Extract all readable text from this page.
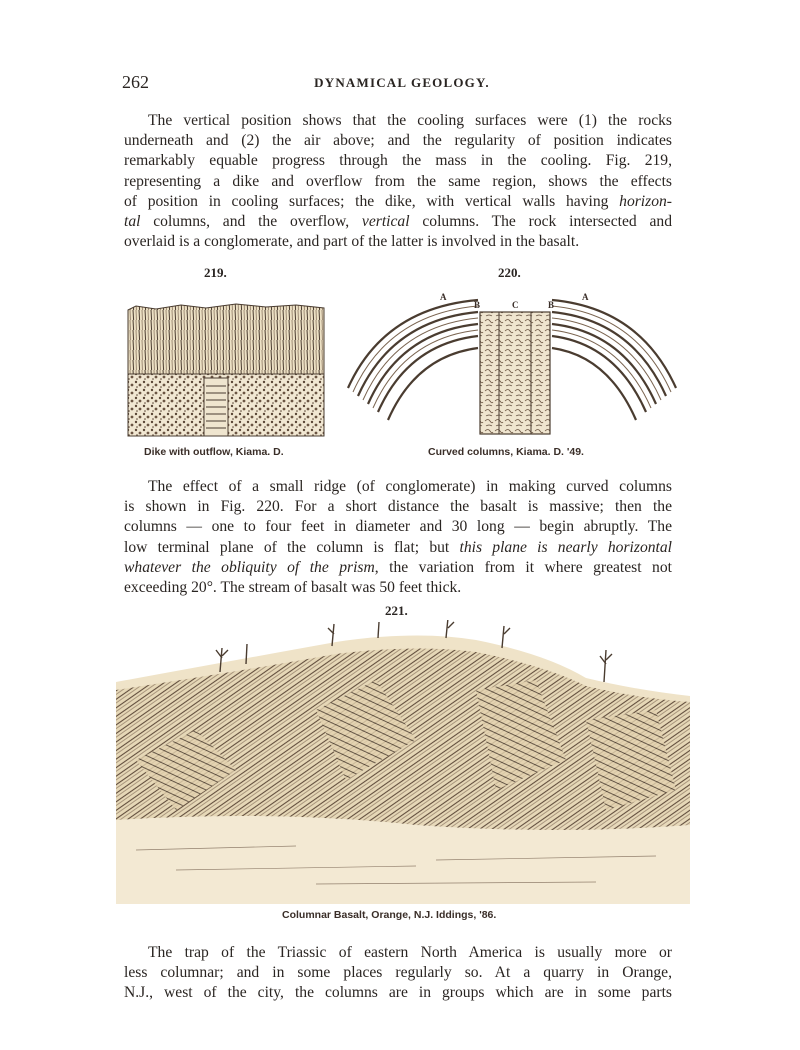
262	DYNAMICAL GEOLOGY.
The vertical position shows that the cooling surfaces were (1) the rocks
underneath and (2) the air above; and the regularity of position indicates
remarkably equable progress through the mass in the cooling. Fig. 219,
representing a dike and overflow from the same region, shows the effects
of position in cooling surfaces; the dike, with vertical walls having horizon-
tal columns, and the overflow, vertical columns. The rock intersected and
overlaid is a conglomerate, and part of the latter is involved in the basalt.
219.
Dike with outflow, Kiama. D.
220.
A
B	C	B
A
Curved columns, Kiama. D. '49.
The effect of a small ridge (of conglomerate) in making curved columns
is shown in Fig. 220. For a short distance the basalt is massive; then the
columns — one to four feet in diameter and 30 long — begin abruptly. The
low terminal plane of the column is flat; but this plane is nearly horizontal
whatever the obliquity of the prism, the variation from it where greatest not
exceeding 20°. The stream of basalt was 50 feet thick.
221.
Columnar Basalt, Orange, N.J. Iddings, '86.
The trap of the Triassic of eastern North America is usually more or
less columnar; and in some places regularly so. At a quarry in Orange,
N.J., west of the city, the columns are in groups which are in some parts
